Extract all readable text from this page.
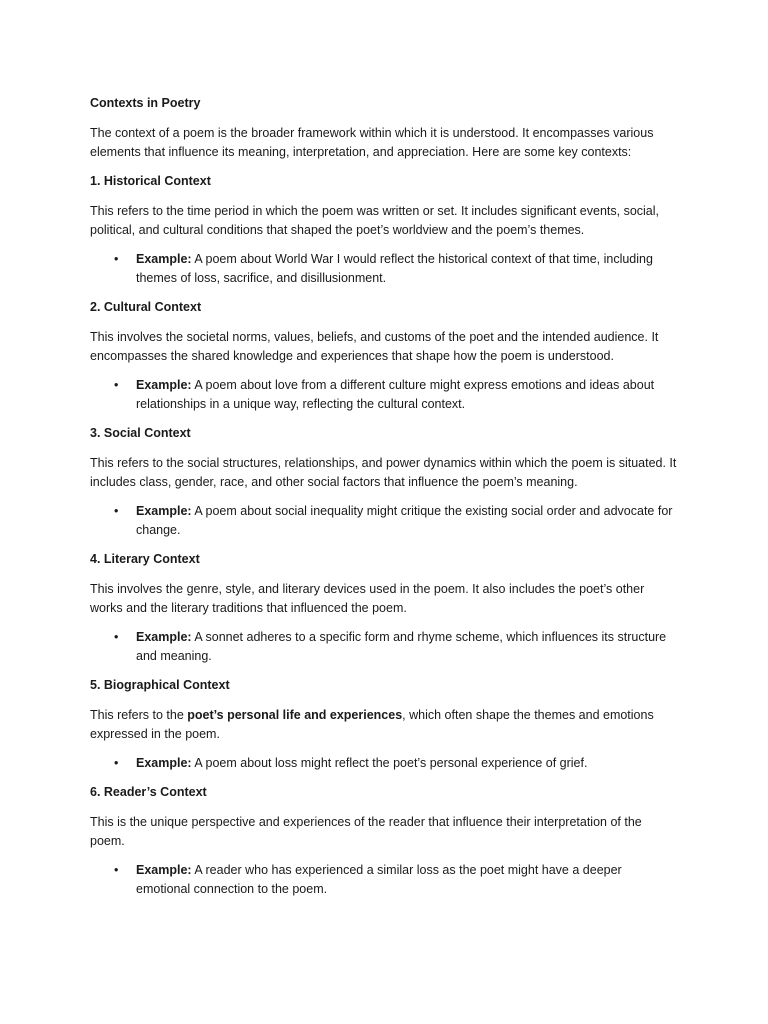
Contexts in Poetry

The context of a poem is the broader framework within which it is understood. It encompasses various elements that influence its meaning, interpretation, and appreciation. Here are some key contexts:

1. Historical Context

This refers to the time period in which the poem was written or set. It includes significant events, social, political, and cultural conditions that shaped the poet’s worldview and the poem’s themes.

• Example: A poem about World War I would reflect the historical context of that time, including themes of loss, sacrifice, and disillusionment.
2. Cultural Context

This involves the societal norms, values, beliefs, and customs of the poet and the intended audience. It encompasses the shared knowledge and experiences that shape how the poem is understood.

• Example: A poem about love from a different culture might express emotions and ideas about relationships in a unique way, reflecting the cultural context.
3. Social Context

This refers to the social structures, relationships, and power dynamics within which the poem is situated. It includes class, gender, race, and other social factors that influence the poem’s meaning.

• Example: A poem about social inequality might critique the existing social order and advocate for change.
4. Literary Context

This involves the genre, style, and literary devices used in the poem. It also includes the poet’s other works and the literary traditions that influenced the poem.

• Example: A sonnet adheres to a specific form and rhyme scheme, which influences its structure and meaning.
5. Biographical Context

This refers to the poet’s personal life and experiences, which often shape the themes and emotions expressed in the poem.

• Example: A poem about loss might reflect the poet’s personal experience of grief.
6. Reader’s Context

This is the unique perspective and experiences of the reader that influence their interpretation of the poem.

• Example: A reader who has experienced a similar loss as the poet might have a deeper emotional connection to the poem.
